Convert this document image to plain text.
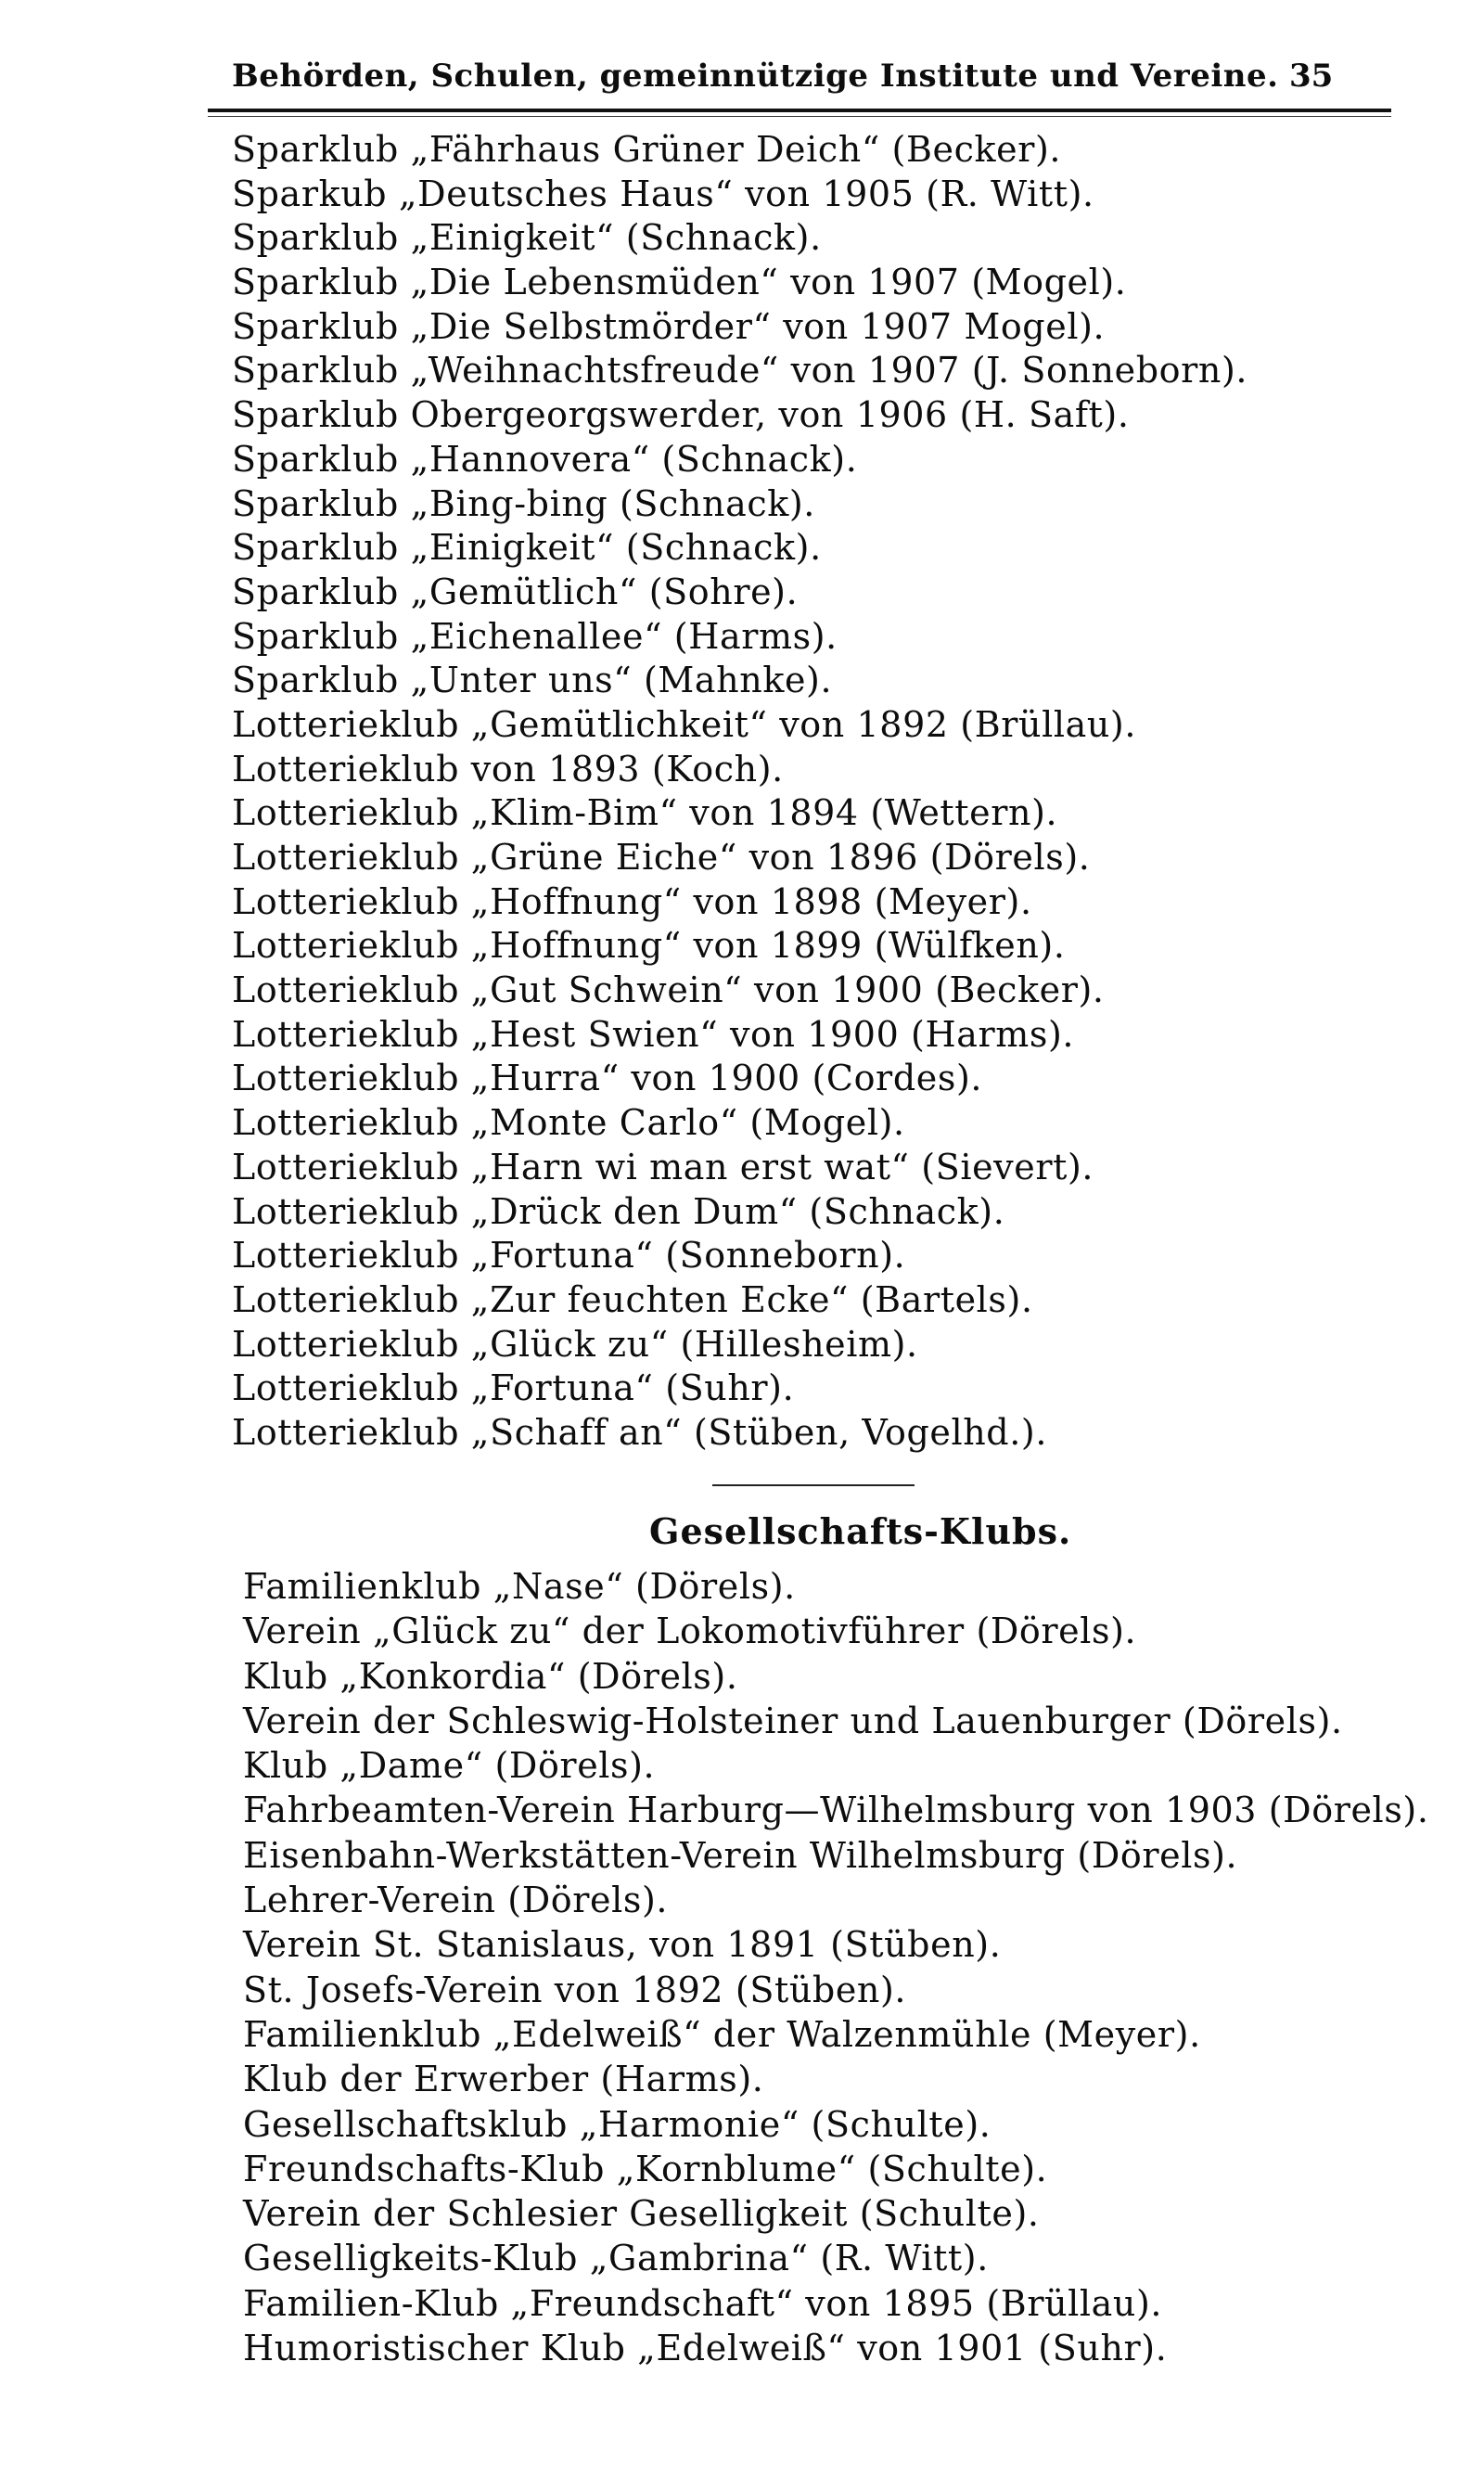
Behörden, Schulen, gemeinnützige Institute und Vereine. 35
Sparklub „Fährhaus Grüner Deich“ (Becker).
Sparkub „Deutsches Haus“ von 1905 (R. Witt).
Sparklub „Einigkeit“ (Schnack).
Sparklub „Die Lebensmüden“ von 1907 (Mogel).
Sparklub „Die Selbstmörder“ von 1907 Mogel).
Sparklub „Weihnachtsfreude“ von 1907 (J. Sonneborn).
Sparklub Obergeorgswerder, von 1906 (H. Saft).
Sparklub „Hannovera“ (Schnack).
Sparklub „Bing-bing (Schnack).
Sparklub „Einigkeit“ (Schnack).
Sparklub „Gemütlich“ (Sohre).
Sparklub „Eichenallee“ (Harms).
Sparklub „Unter uns“ (Mahnke).
Lotterieklub „Gemütlichkeit“ von 1892 (Brüllau).
Lotterieklub von 1893 (Koch).
Lotterieklub „Klim-Bim“ von 1894 (Wettern).
Lotterieklub „Grüne Eiche“ von 1896 (Dörels).
Lotterieklub „Hoffnung“ von 1898 (Meyer).
Lotterieklub „Hoffnung“ von 1899 (Wülfken).
Lotterieklub „Gut Schwein“ von 1900 (Becker).
Lotterieklub „Hest Swien“ von 1900 (Harms).
Lotterieklub „Hurra“ von 1900 (Cordes).
Lotterieklub „Monte Carlo“ (Mogel).
Lotterieklub „Harn wi man erst wat“ (Sievert).
Lotterieklub „Drück den Dum“ (Schnack).
Lotterieklub „Fortuna“ (Sonneborn).
Lotterieklub „Zur feuchten Ecke“ (Bartels).
Lotterieklub „Glück zu“ (Hillesheim).
Lotterieklub „Fortuna“ (Suhr).
Lotterieklub „Schaff an“ (Stüben, Vogelhd.).
Gesellschafts-Klubs.
Familienklub „Nase“ (Dörels).
Verein „Glück zu“ der Lokomotivführer (Dörels).
Klub „Konkordia“ (Dörels).
Verein der Schleswig-Holsteiner und Lauenburger (Dörels).
Klub „Dame“ (Dörels).
Fahrbeamten-Verein Harburg—Wilhelmsburg von 1903 (Dörels).
Eisenbahn-Werkstätten-Verein Wilhelmsburg (Dörels).
Lehrer-Verein (Dörels).
Verein St. Stanislaus, von 1891 (Stüben).
St. Josefs-Verein von 1892 (Stüben).
Familienklub „Edelweiß“ der Walzenmühle (Meyer).
Klub der Erwerber (Harms).
Gesellschaftsklub „Harmonie“ (Schulte).
Freundschafts-Klub „Kornblume“ (Schulte).
Verein der Schlesier Geselligkeit (Schulte).
Geselligkeits-Klub „Gambrina“ (R. Witt).
Familien-Klub „Freundschaft“ von 1895 (Brüllau).
Humoristischer Klub „Edelweiß“ von 1901 (Suhr).
